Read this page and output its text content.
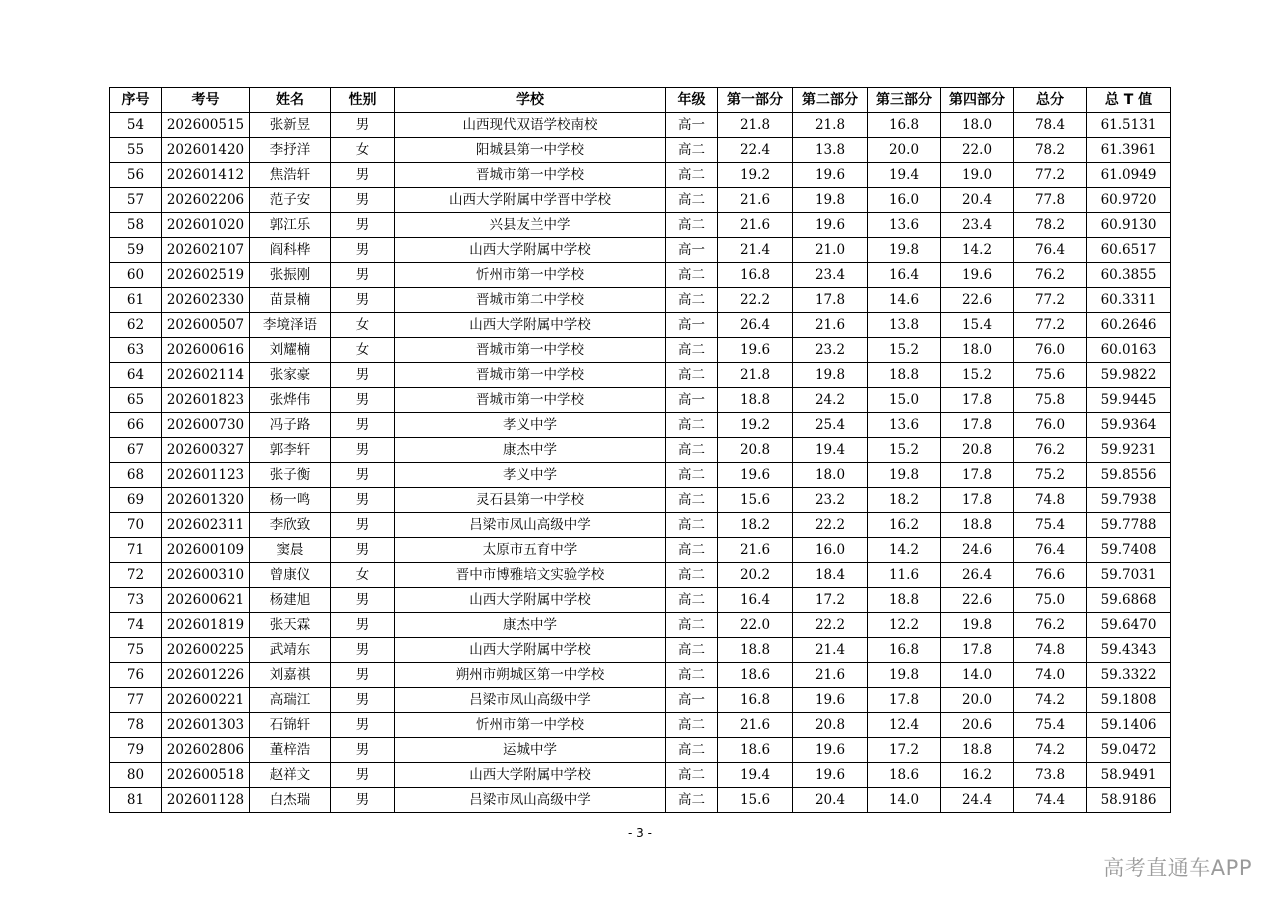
序号	考号	姓名	性别	学校	年级	第一部分	第二部分	第三部分	第四部分	总分	总 T 值
54	202600515	张新昱	男	山西现代双语学校南校	高一	21.8	21.8	16.8	18.0	78.4	61.5131
55	202601420	李抒洋	女	阳城县第一中学校	高二	22.4	13.8	20.0	22.0	78.2	61.3961
56	202601412	焦浩轩	男	晋城市第一中学校	高二	19.2	19.6	19.4	19.0	77.2	61.0949
57	202602206	范子安	男	山西大学附属中学晋中学校	高二	21.6	19.8	16.0	20.4	77.8	60.9720
58	202601020	郭江乐	男	兴县友兰中学	高二	21.6	19.6	13.6	23.4	78.2	60.9130
59	202602107	阎科桦	男	山西大学附属中学校	高一	21.4	21.0	19.8	14.2	76.4	60.6517
60	202602519	张振刚	男	忻州市第一中学校	高二	16.8	23.4	16.4	19.6	76.2	60.3855
61	202602330	苗景楠	男	晋城市第二中学校	高二	22.2	17.8	14.6	22.6	77.2	60.3311
62	202600507	李境泽语	女	山西大学附属中学校	高一	26.4	21.6	13.8	15.4	77.2	60.2646
63	202600616	刘耀楠	女	晋城市第一中学校	高二	19.6	23.2	15.2	18.0	76.0	60.0163
64	202602114	张家豪	男	晋城市第一中学校	高二	21.8	19.8	18.8	15.2	75.6	59.9822
65	202601823	张烨伟	男	晋城市第一中学校	高一	18.8	24.2	15.0	17.8	75.8	59.9445
66	202600730	冯子路	男	孝义中学	高二	19.2	25.4	13.6	17.8	76.0	59.9364
67	202600327	郭李轩	男	康杰中学	高二	20.8	19.4	15.2	20.8	76.2	59.9231
68	202601123	张子衡	男	孝义中学	高二	19.6	18.0	19.8	17.8	75.2	59.8556
69	202601320	杨一鸣	男	灵石县第一中学校	高二	15.6	23.2	18.2	17.8	74.8	59.7938
70	202602311	李欣致	男	吕梁市凤山高级中学	高二	18.2	22.2	16.2	18.8	75.4	59.7788
71	202600109	窦晨	男	太原市五育中学	高二	21.6	16.0	14.2	24.6	76.4	59.7408
72	202600310	曾康仪	女	晋中市博雅培文实验学校	高二	20.2	18.4	11.6	26.4	76.6	59.7031
73	202600621	杨建旭	男	山西大学附属中学校	高二	16.4	17.2	18.8	22.6	75.0	59.6868
74	202601819	张天霖	男	康杰中学	高二	22.0	22.2	12.2	19.8	76.2	59.6470
75	202600225	武靖东	男	山西大学附属中学校	高二	18.8	21.4	16.8	17.8	74.8	59.4343
76	202601226	刘嘉祺	男	朔州市朔城区第一中学校	高二	18.6	21.6	19.8	14.0	74.0	59.3322
77	202600221	高瑞江	男	吕梁市凤山高级中学	高一	16.8	19.6	17.8	20.0	74.2	59.1808
78	202601303	石锦轩	男	忻州市第一中学校	高二	21.6	20.8	12.4	20.6	75.4	59.1406
79	202602806	董梓浩	男	运城中学	高二	18.6	19.6	17.2	18.8	74.2	59.0472
80	202600518	赵祥文	男	山西大学附属中学校	高二	19.4	19.6	18.6	16.2	73.8	58.9491
81	202601128	白杰瑞	男	吕梁市凤山高级中学	高二	15.6	20.4	14.0	24.4	74.4	58.9186
- 3 -
高考直通车APP
